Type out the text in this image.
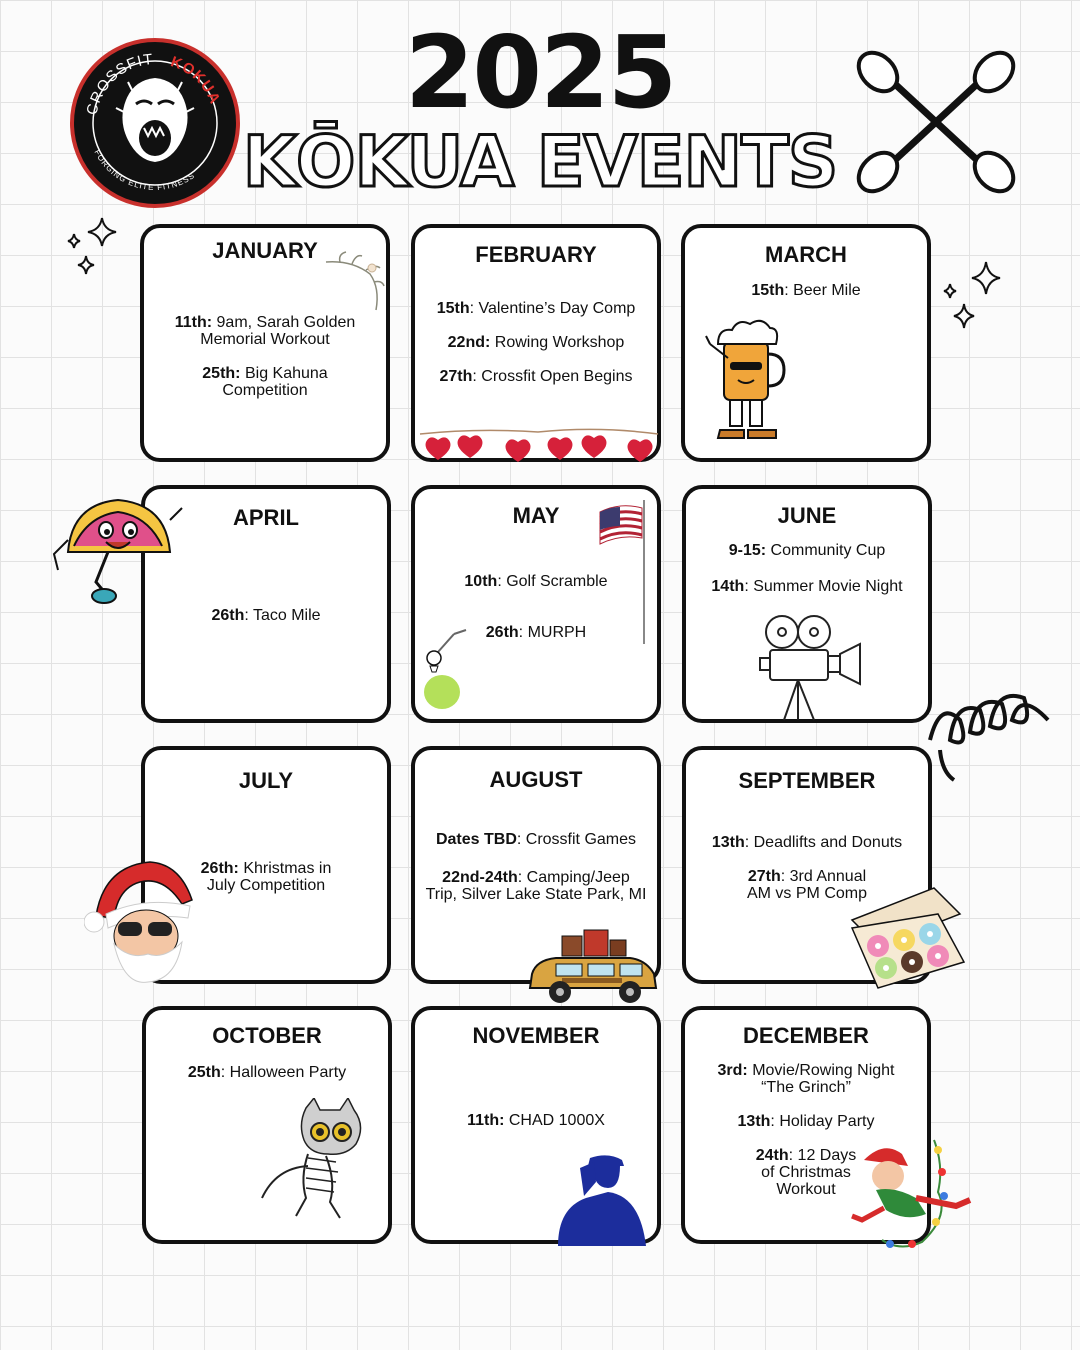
2025
KŌKUA EVENTS
CROSSFIT KOKUA
FORGING ELITE FITNESS
JANUARY
11th: 9am, Sarah Golden
Memorial Workout
25th: Big Kahuna
Competition
FEBRUARY
15th: Valentine’s Day Comp
22nd: Rowing Workshop
27th: Crossfit Open Begins
MARCH
15th: Beer Mile
APRIL
26th: Taco Mile
MAY
10th: Golf Scramble
26th: MURPH
JUNE
9-15: Community Cup
14th: Summer Movie Night
JULY
26th: Khristmas in
July Competition
AUGUST
Dates TBD: Crossfit Games
22nd-24th: Camping/Jeep
Trip, Silver Lake State Park, MI
SEPTEMBER
13th: Deadlifts and Donuts
27th: 3rd Annual
AM vs PM Comp
OCTOBER
25th: Halloween Party
NOVEMBER
11th: CHAD 1000X
DECEMBER
3rd: Movie/Rowing Night
“The Grinch”
13th: Holiday Party
24th: 12 Days
of Christmas
Workout
